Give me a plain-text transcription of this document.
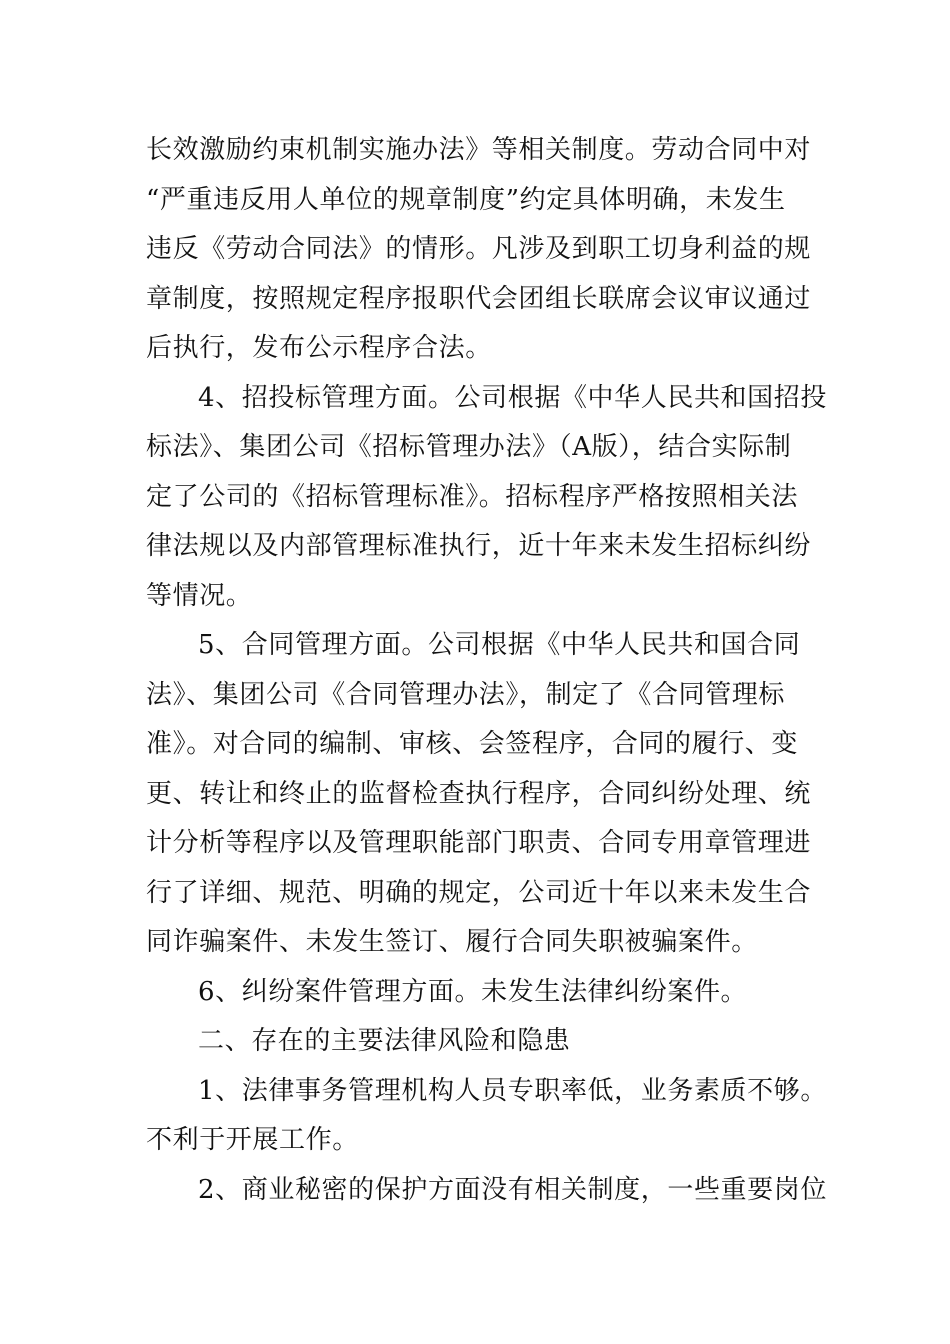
长效激励约束机制实施办法》等相关制度。劳动合同中对
“严重违反用人单位的规章制度”约定具体明确，未发生
违反《劳动合同法》的情形。凡涉及到职工切身利益的规
章制度，按照规定程序报职代会团组长联席会议审议通过
后执行，发布公示程序合法。
4、招投标管理方面。公司根据《中华人民共和国招投
标法》、集团公司《招标管理办法》（A版），结合实际制
定了公司的《招标管理标准》。招标程序严格按照相关法
律法规以及内部管理标准执行，近十年来未发生招标纠纷
等情况。
5、合同管理方面。公司根据《中华人民共和国合同
法》、集团公司《合同管理办法》，制定了《合同管理标
准》。对合同的编制、审核、会签程序，合同的履行、变
更、转让和终止的监督检查执行程序，合同纠纷处理、统
计分析等程序以及管理职能部门职责、合同专用章管理进
行了详细、规范、明确的规定，公司近十年以来未发生合
同诈骗案件、未发生签订、履行合同失职被骗案件。
6、纠纷案件管理方面。未发生法律纠纷案件。
二、存在的主要法律风险和隐患
1、法律事务管理机构人员专职率低，业务素质不够。
不利于开展工作。
2、商业秘密的保护方面没有相关制度，一些重要岗位
